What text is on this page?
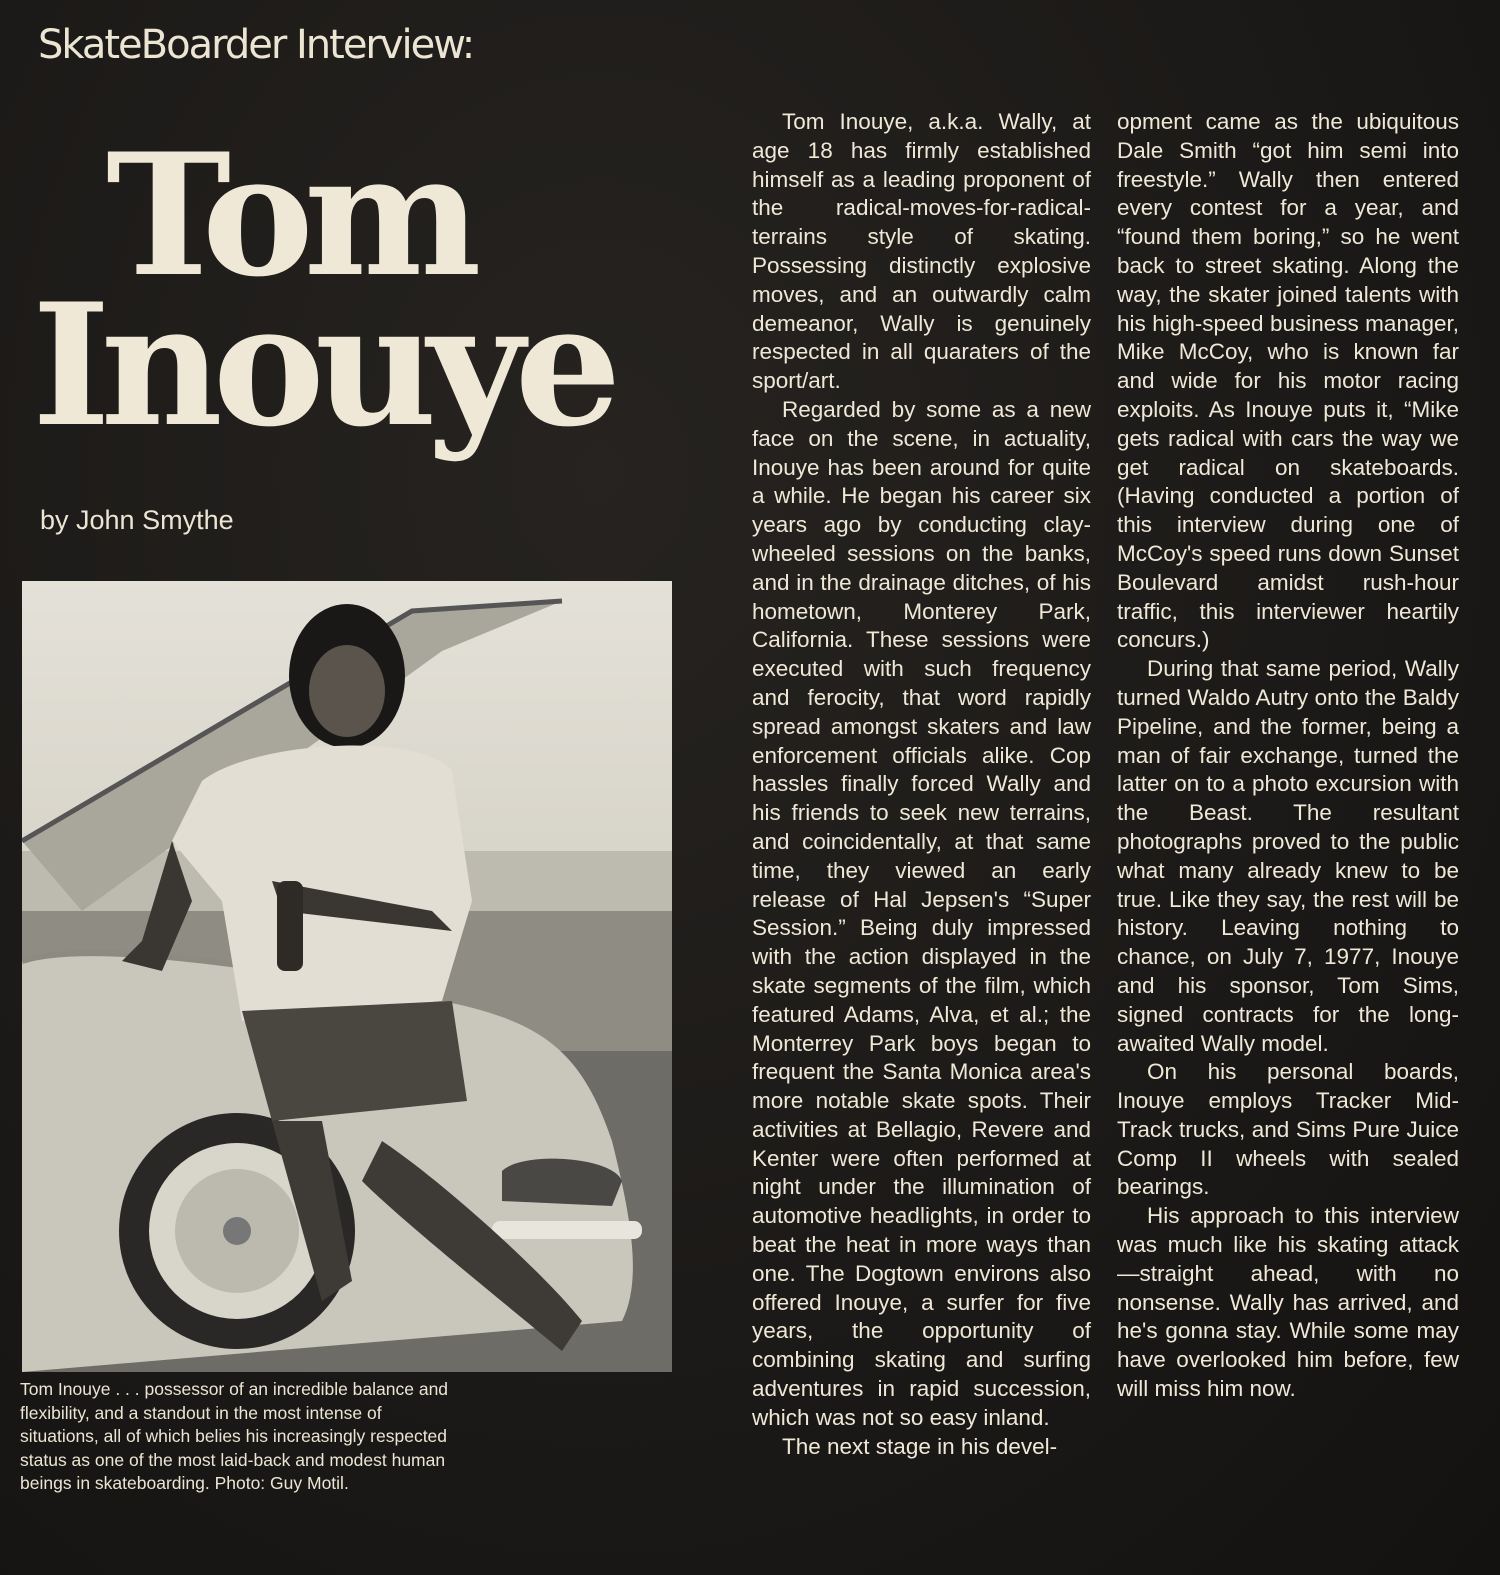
SkateBoarder Interview:
Tom
Inouye
by John Smythe
Tom Inouye . . . possessor of an incredible balance and flexibility, and a standout in the most intense of situations, all of which belies his increasingly respected status as one of the most laid-back and modest human beings in skateboarding. Photo: Guy Motil.

Tom Inouye, a.k.a. Wally, at age 18 has firmly established himself as a leading proponent of the radical-moves-for-radical-terrains style of skating. Possessing distinctly explosive moves, and an outwardly calm demeanor, Wally is genuinely respected in all quaraters of the sport/art.

Regarded by some as a new face on the scene, in actuality, Inouye has been around for quite a while. He began his career six years ago by conducting clay-wheeled sessions on the banks, and in the drainage ditches, of his hometown, Monterey Park, California. These sessions were executed with such frequency and ferocity, that word rapidly spread amongst skaters and law enforcement officials alike. Cop hassles finally forced Wally and his friends to seek new terrains, and coincidentally, at that same time, they viewed an early release of Hal Jepsen's “Super Session.” Being duly impressed with the action displayed in the skate segments of the film, which featured Adams, Alva, et al.; the Monterrey Park boys began to frequent the Santa Monica area's more notable skate spots. Their activities at Bellagio, Revere and Kenter were often performed at night under the illumination of automotive headlights, in order to beat the heat in more ways than one. The Dogtown environs also offered Inouye, a surfer for five years, the opportunity of combining skating and surfing adventures in rapid succession, which was not so easy inland.

The next stage in his devel-

opment came as the ubiquitous Dale Smith “got him semi into freestyle.” Wally then entered every contest for a year, and “found them boring,” so he went back to street skating. Along the way, the skater joined talents with his high-speed business manager, Mike McCoy, who is known far and wide for his motor racing exploits. As Inouye puts it, “Mike gets radical with cars the way we get radical on skateboards. (Having conducted a portion of this interview during one of McCoy's speed runs down Sunset Boulevard amidst rush-hour traffic, this interviewer heartily concurs.)

During that same period, Wally turned Waldo Autry onto the Baldy Pipeline, and the former, being a man of fair exchange, turned the latter on to a photo excursion with the Beast. The resultant photographs proved to the public what many already knew to be true. Like they say, the rest will be history. Leaving nothing to chance, on July 7, 1977, Inouye and his sponsor, Tom Sims, signed contracts for the long-awaited Wally model.

On his personal boards, Inouye employs Tracker Mid-Track trucks, and Sims Pure Juice Comp II wheels with sealed bearings.

His approach to this interview was much like his skating attack—straight ahead, with no nonsense. Wally has arrived, and he's gonna stay. While some may have overlooked him before, few will miss him now.
